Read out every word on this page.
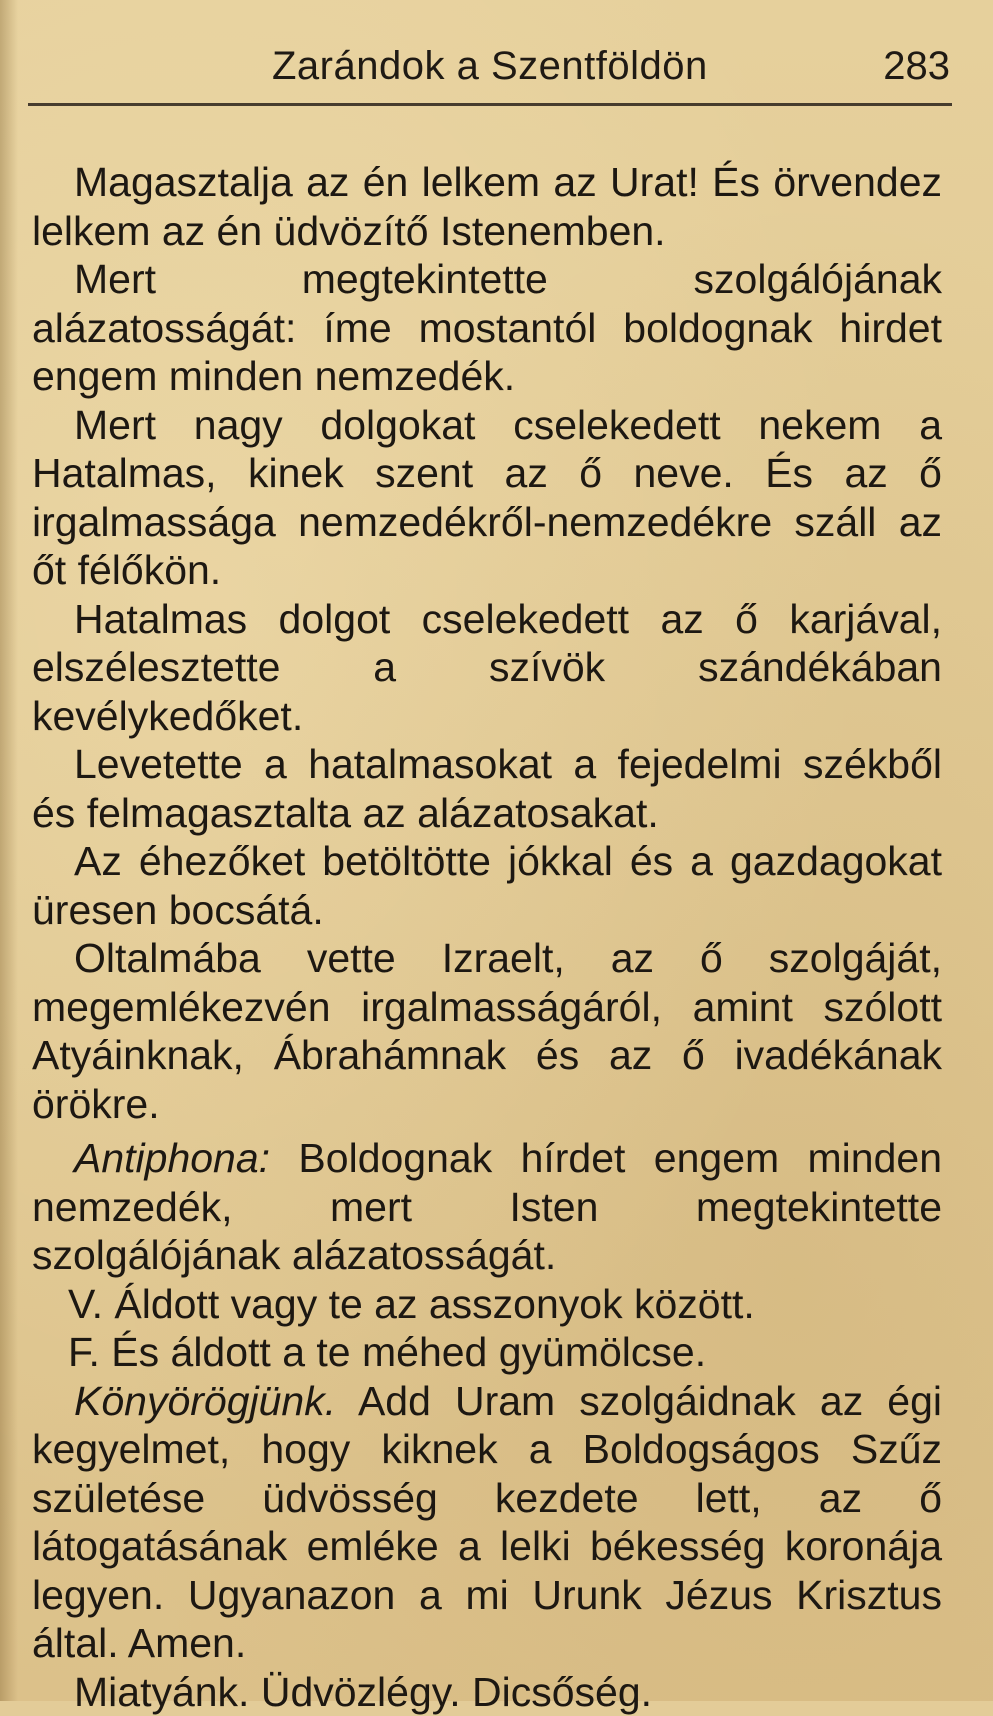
Zarándok a Szentföldön	283

Magasztalja az én lelkem az Urat! És örvendez lelkem az én üdvözítő Istenemben.

Mert megtekintette szolgálójának alázatosságát: íme mostantól boldognak hirdet engem minden nemzedék.

Mert nagy dolgokat cselekedett nekem a Hatalmas, kinek szent az ő neve. És az ő irgalmassága nemzedékről-nemzedékre száll az őt félőkön.

Hatalmas dolgot cselekedett az ő karjával, elszélesztette a szívök szándékában kevélykedőket.

Levetette a hatalmasokat a fejedelmi székből és felmagasztalta az alázatosakat.

Az éhezőket betöltötte jókkal és a gazdagokat üresen bocsátá.

Oltalmába vette Izraelt, az ő szolgáját, megemlékezvén irgalmasságáról, amint szólott Atyáinknak, Ábrahámnak és az ő ivadékának örökre.

Antiphona: Boldognak hírdet engem minden nemzedék, mert Isten megtekintette szolgálójának alázatosságát.

V. Áldott vagy te az asszonyok között.

F. És áldott a te méhed gyümölcse.

Könyörögjünk. Add Uram szolgáidnak az égi kegyelmet, hogy kiknek a Boldogságos Szűz születése üdvösség kezdete lett, az ő látogatásának emléke a lelki békesség koronája legyen. Ugyanazon a mi Urunk Jézus Krisztus által. Amen.

Miatyánk. Üdvözlégy. Dicsőség.
